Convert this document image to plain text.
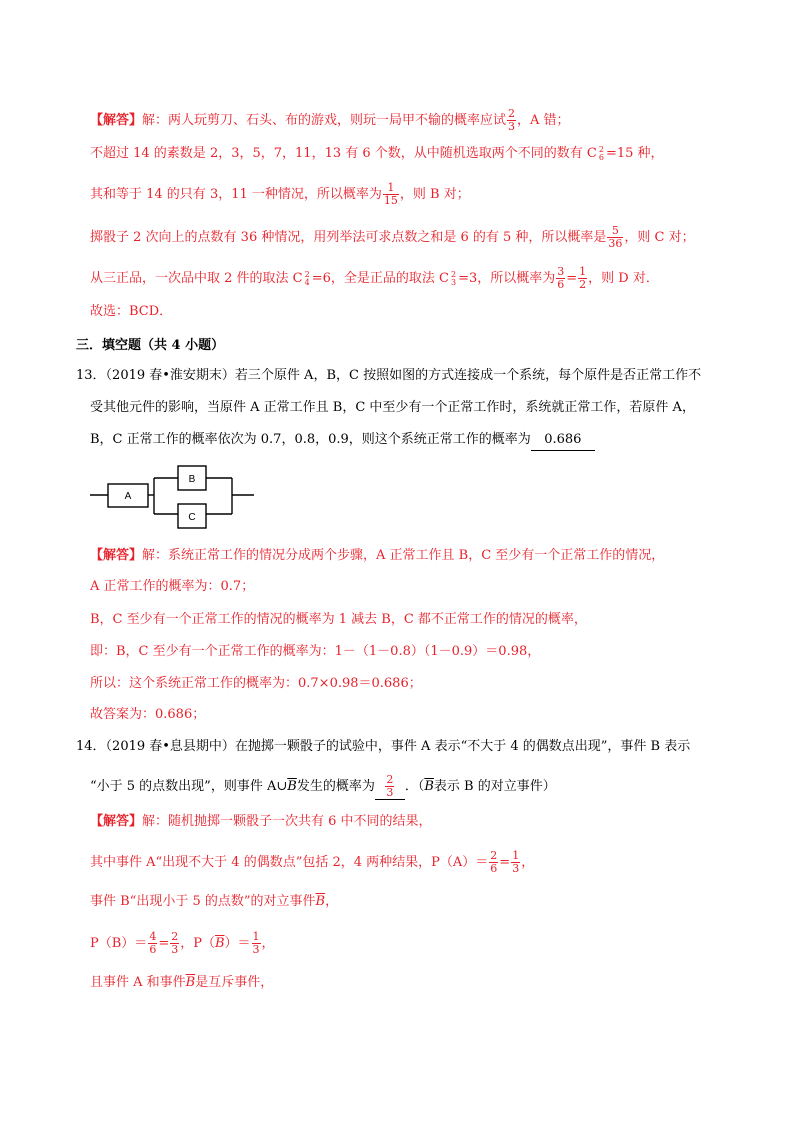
【解答】解：两人玩剪刀、石头、布的游戏，则玩一局甲不输的概率应试 $\frac{2}{3}$ ，A 错；
不超过 14 的素数是 2，3，5，7，11，13 有 6 个数，从中随机选取两个不同的数有 C 2
6 =15 种，
其和等于 14 的只有 3，11 一种情况，所以概率为 $\frac{1}{15}$ ，则 B 对；
掷骰子 2 次向上的点数有 36 种情况，用列举法可求点数之和是 6 的有 5 种，所以概率是 $\frac{5}{36}$ ，则 C 对；
从三正品，一次品中取 2 件的取法 C 2
4 =6，全是正品的取法 C 2
3 =3，所以概率为 $\frac{3}{6} = \frac{1}{2}$ ，则 D 对．
故选：BCD．
三．填空题（共 4 小题）
13．（2019 春•淮安期末）若三个原件 A，B，C 按照如图的方式连接成一个系统，每个原件是否正常工作不
受其他元件的影响，当原件 A 正常工作且 B，C 中至少有一个正常工作时，系统就正常工作，若原件 A，
B，C 正常工作的概率依次为 0.7，0.8，0.9，则这个系统正常工作的概率为 0.686
A
B
C
【解答】解：系统正常工作的情况分成两个步骤，A 正常工作且 B，C 至少有一个正常工作的情况，
A 正常工作的概率为：0.7；
B，C 至少有一个正常工作的情况的概率为 1 减去 B，C 都不正常工作的情况的概率，
即：B，C 至少有一个正常工作的概率为：1－（1－0.8）（1－0.9）＝0.98，
所以：这个系统正常工作的概率为：0.7×0.98＝0.686；
故答案为：0.686；
14．（2019 春•息县期中）在抛掷一颗骰子的试验中，事件 A 表示“不大于 4 的偶数点出现”，事件 B 表示
“小于 5 的点数出现”，则事件 $A\cup\overline{B}$发生的概率为 $\frac{2}{3}$ ．（$\overline{B}$表示 B 的对立事件）
【解答】解：随机抛掷一颗骰子一次共有 6 中不同的结果，
其中事件 A“出现不大于 4 的偶数点”包括 2，4 两种结果，$P(A)= \frac{2}{6} = \frac{1}{3}$ ，
事件 B“出现小于 5 的点数”的对立事件$\overline{B}$，
$P(B)= \frac{4}{6} = \frac{2}{3}$ ，$P(\overline{B})= \frac{1}{3}$ ，
且事件 A 和事件$\overline{B}$是互斥事件，
